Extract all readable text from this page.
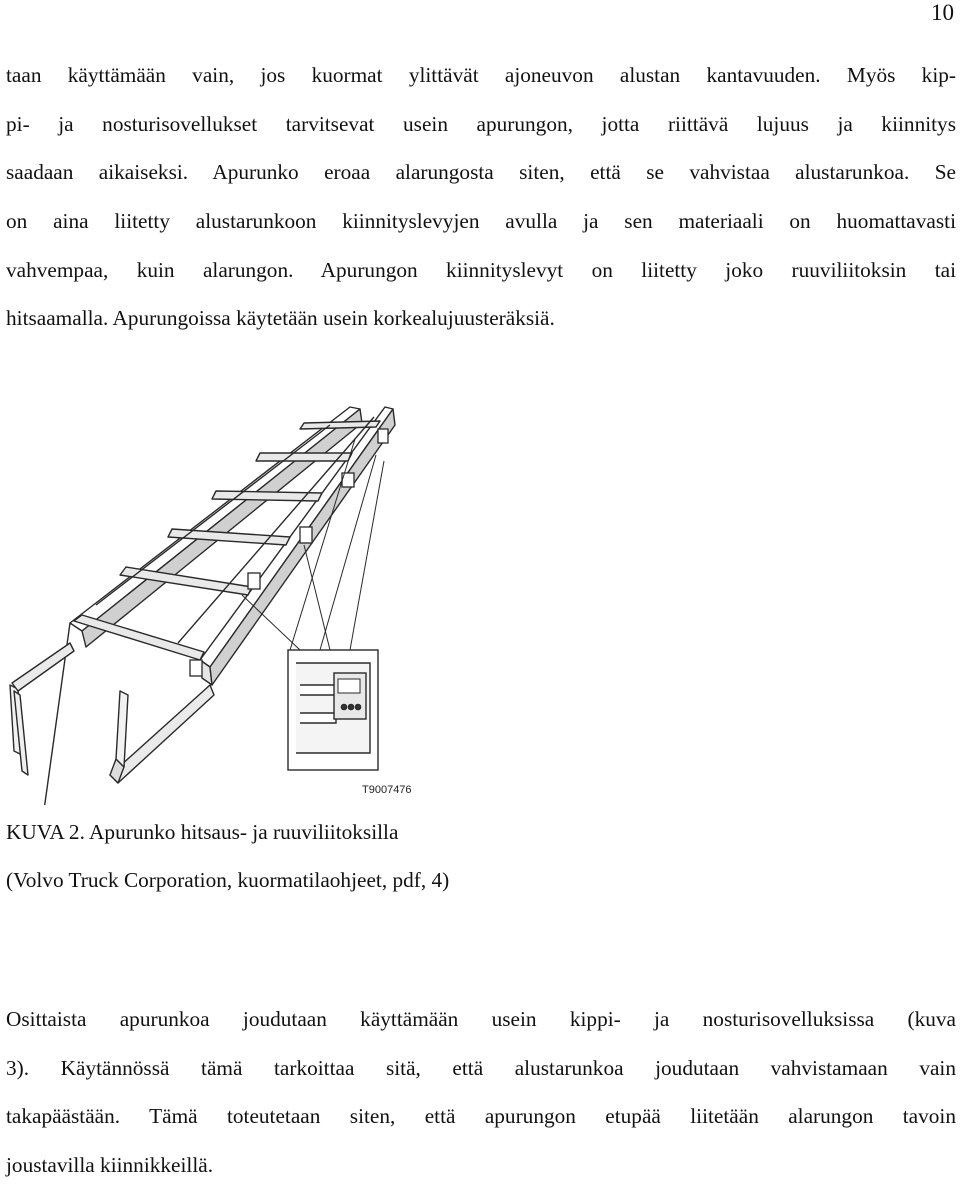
10
taan käyttämään vain, jos kuormat ylittävät ajoneuvon alustan kantavuuden. Myös kip-
pi- ja nosturisovellukset tarvitsevat usein apurungon, jotta riittävä lujuus ja kiinnitys
saadaan aikaiseksi. Apurunko eroaa alarungosta siten, että se vahvistaa alustarunkoa. Se
on aina liitetty alustarunkoon kiinnityslevyjen avulla ja sen materiaali on huomattavasti
vahvempaa, kuin alarungon. Apurungon kiinnityslevyt on liitetty joko ruuviliitoksin tai
hitsaamalla. Apurungoissa käytetään usein korkealujuusteräksiä.
T9007476

KUVA 2. Apurunko hitsaus- ja ruuviliitoksilla

(Volvo Truck Corporation, kuormatilaohjeet, pdf, 4)

Osittaista apurunkoa joudutaan käyttämään usein kippi- ja nosturisovelluksissa (kuva
3). Käytännössä tämä tarkoittaa sitä, että alustarunkoa joudutaan vahvistamaan vain
takapäästään. Tämä toteutetaan siten, että apurungon etupää liitetään alarungon tavoin
joustavilla kiinnikkeillä.
